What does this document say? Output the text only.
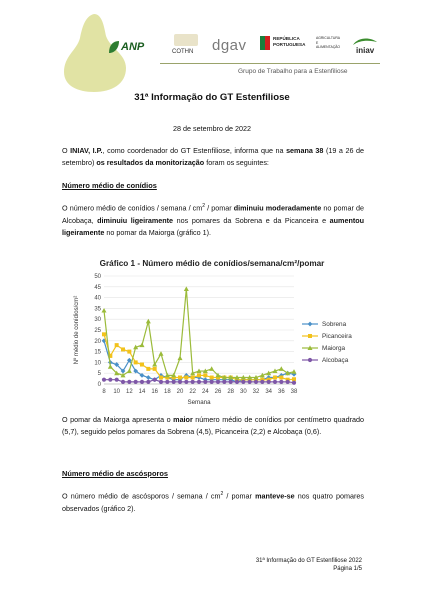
ANP	COTHN dgav	REPÚBLICA PORTUGUESA
AGRICULTURA E ALIMENTAÇÃO iniav
Grupo de Trabalho para a Estenfiliose
31ª Informação do GT Estenfiliose
28 de setembro de 2022
O INIAV, I.P., como coordenador do GT Estenfiliose, informa que na semana 38 (19 a 26 de setembro) os resultados da monitorização foram os seguintes:
Número médio de conídios
O número médio de conídios / semana / $cm^2$ / pomar diminuiu moderadamente no pomar de Alcobaça, diminuiu ligeiramente nos pomares da Sobrena e da Picanceira e aumentou ligeiramente no pomar da Maiorga (gráfico 1).
Gráfico 1 - Número médio de conídios/semana/cm²/pomar
0
5
10
15
20
25
30
35
40
45
50
8 10 12 14 16 18 20 22 24 26 28 30 32 34 36 38
Semana
Nº médio de conídios/cm²	Sobrena
Picanceira
Maiorga
Alcobaça
O pomar da Maiorga apresenta o maior número médio de conídios por centímetro quadrado (5,7), seguido pelos pomares da Sobrena (4,5), Picanceira (2,2) e Alcobaça (0,6).
Número médio de ascósporos
O número médio de ascósporos / semana / $cm^2$ / pomar manteve-se nos quatro pomares observados (gráfico 2).
31ª Informação do GT Estenfiliose 2022
Página 1/5
